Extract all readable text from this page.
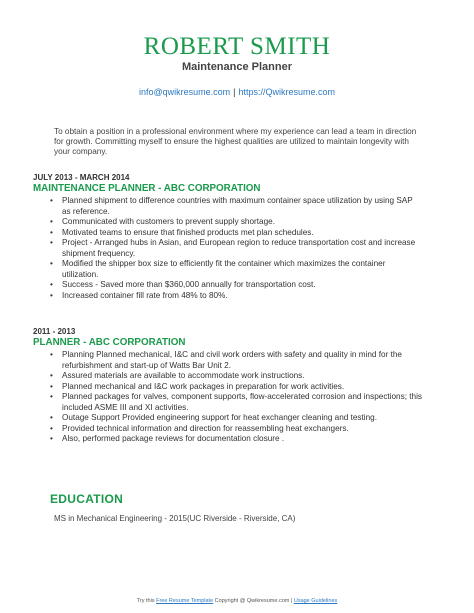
ROBERT SMITH
Maintenance Planner
info@qwikresume.com | https://Qwikresume.com
To obtain a position in a professional environment where my experience can lead a team in direction for growth. Committing myself to ensure the highest qualities are utilized to maintain longevity with your company.
JULY 2013 - MARCH 2014
MAINTENANCE PLANNER - ABC CORPORATION
• Planned shipment to difference countries with maximum container space utilization by using SAP as reference.
• Communicated with customers to prevent supply shortage.
• Motivated teams to ensure that finished products met plan schedules.
• Project - Arranged hubs in Asian, and European region to reduce transportation cost and increase shipment frequency.
• Modified the shipper box size to efficiently fit the container which maximizes the container utilization.
• Success - Saved more than $360,000 annually for transportation cost.
• Increased container fill rate from 48% to 80%.
2011 - 2013
PLANNER - ABC CORPORATION
• Planning Planned mechanical, I&C and civil work orders with safety and quality in mind for the refurbishment and start-up of Watts Bar Unit 2.
• Assured materials are available to accommodate work instructions.
• Planned mechanical and I&C work packages in preparation for work activities.
• Planned packages for valves, component supports, flow-accelerated corrosion and inspections; this included ASME III and XI activities.
• Outage Support Provided engineering support for heat exchanger cleaning and testing.
• Provided technical information and direction for reassembling heat exchangers.
• Also, performed package reviews for documentation closure .
EDUCATION
MS in Mechanical Engineering - 2015(UC Riverside - Riverside, CA)
Try this Free Resume Template Copyright @ Qwikresume.com | Usage Guidelines
